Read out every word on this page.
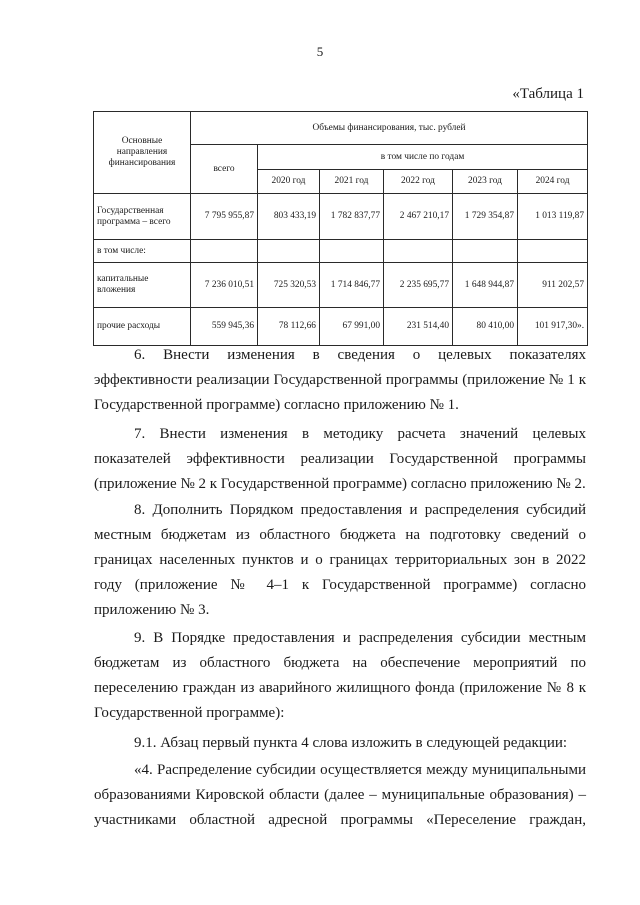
5
«Таблица 1
Основные направления финансирования	Объемы финансирования, тыс. рублей					
	всего	в том числе по годам				
		2020 год	2021 год	2022 год	2023 год	2024 год
Государственная программа – всего	7 795 955,87	803 433,19	1 782 837,77	2 467 210,17	1 729 354,87	1 013 119,87
в том числе:						
капитальные вложения	7 236 010,51	725 320,53	1 714 846,77	2 235 695,77	1 648 944,87	911 202,57
прочие расходы	559 945,36	78 112,66	67 991,00	231 514,40	80 410,00	101 917,30».

6. Внести изменения в сведения о целевых показателях эффективности реализации Государственной программы (приложение № 1 к Государственной программе) согласно приложению № 1.

7. Внести изменения в методику расчета значений целевых показателей эффективности реализации Государственной программы (приложение № 2 к Государственной программе) согласно приложению № 2.

8. Дополнить Порядком предоставления и распределения субсидий местным бюджетам из областного бюджета на подготовку сведений о границах населенных пунктов и о границах территориальных зон в 2022 году (приложение № 4–1 к Государственной программе) согласно приложению № 3.

9. В Порядке предоставления и распределения субсидии местным бюджетам из областного бюджета на обеспечение мероприятий по переселению граждан из аварийного жилищного фонда (приложение № 8 к Государственной программе):

9.1. Абзац первый пункта 4 слова изложить в следующей редакции:

«4. Распределение субсидии осуществляется между муниципальными образованиями Кировской области (далее – муниципальные образования) – участниками областной адресной программы «Переселение граждан,
